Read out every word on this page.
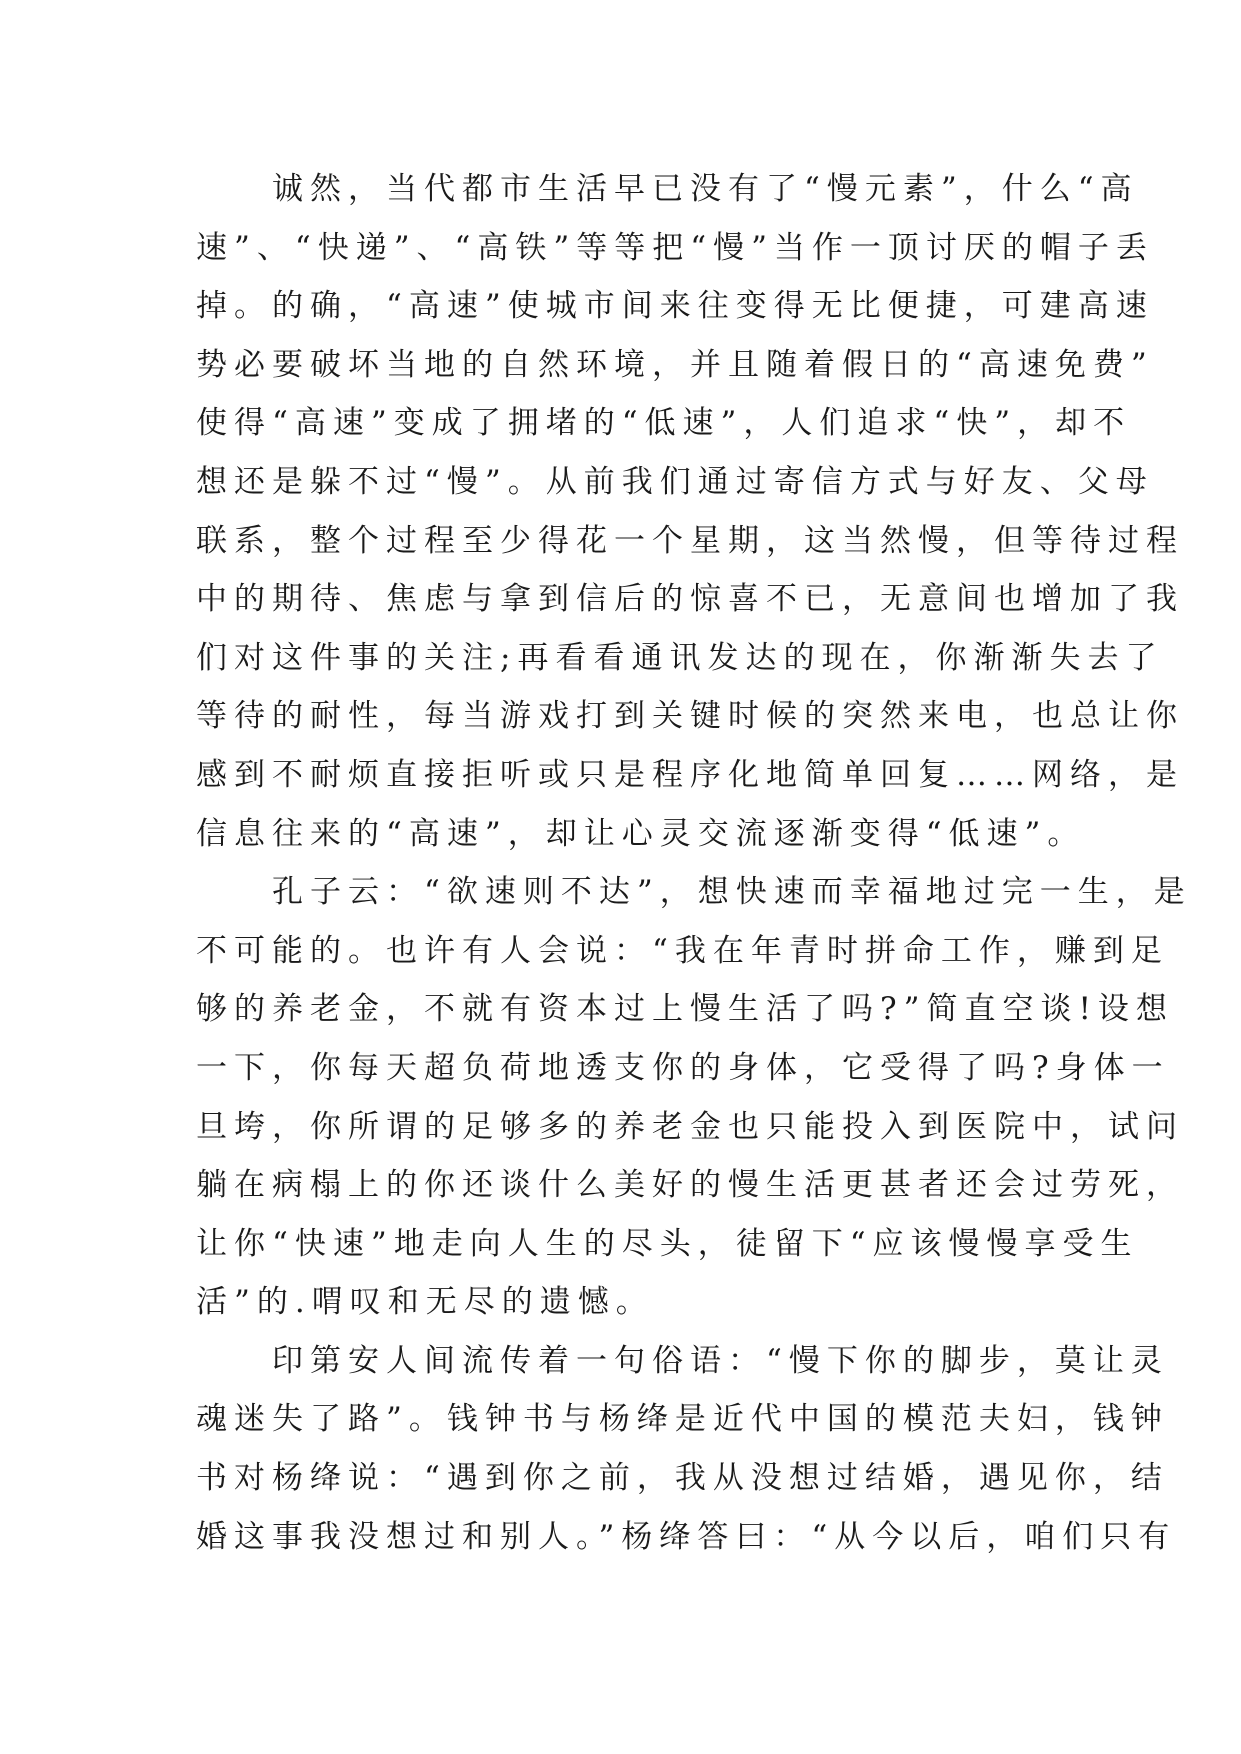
诚然，当代都市生活早已没有了“慢元素”，什么“高
速”、“快递”、“高铁”等等把“慢”当作一顶讨厌的帽子丢
掉。的确，“高速”使城市间来往变得无比便捷，可建高速
势必要破坏当地的自然环境，并且随着假日的“高速免费”
使得“高速”变成了拥堵的“低速”，人们追求“快”，却不
想还是躲不过“慢”。从前我们通过寄信方式与好友、父母
联系，整个过程至少得花一个星期，这当然慢，但等待过程
中的期待、焦虑与拿到信后的惊喜不已，无意间也增加了我
们对这件事的关注;再看看通讯发达的现在，你渐渐失去了
等待的耐性，每当游戏打到关键时候的突然来电，也总让你
感到不耐烦直接拒听或只是程序化地简单回复……网络，是
信息往来的“高速”，却让心灵交流逐渐变得“低速”。
孔子云：“欲速则不达”，想快速而幸福地过完一生，是
不可能的。也许有人会说：“我在年青时拼命工作，赚到足
够的养老金，不就有资本过上慢生活了吗?”简直空谈!设想
一下，你每天超负荷地透支你的身体，它受得了吗?身体一
旦垮，你所谓的足够多的养老金也只能投入到医院中，试问
躺在病榻上的你还谈什么美好的慢生活更甚者还会过劳死，
让你“快速”地走向人生的尽头，徒留下“应该慢慢享受生
活”的.喟叹和无尽的遗憾。
印第安人间流传着一句俗语：“慢下你的脚步，莫让灵
魂迷失了路”。钱钟书与杨绛是近代中国的模范夫妇，钱钟
书对杨绛说：“遇到你之前，我从没想过结婚，遇见你，结
婚这事我没想过和别人。”杨绛答曰：“从今以后，咱们只有
